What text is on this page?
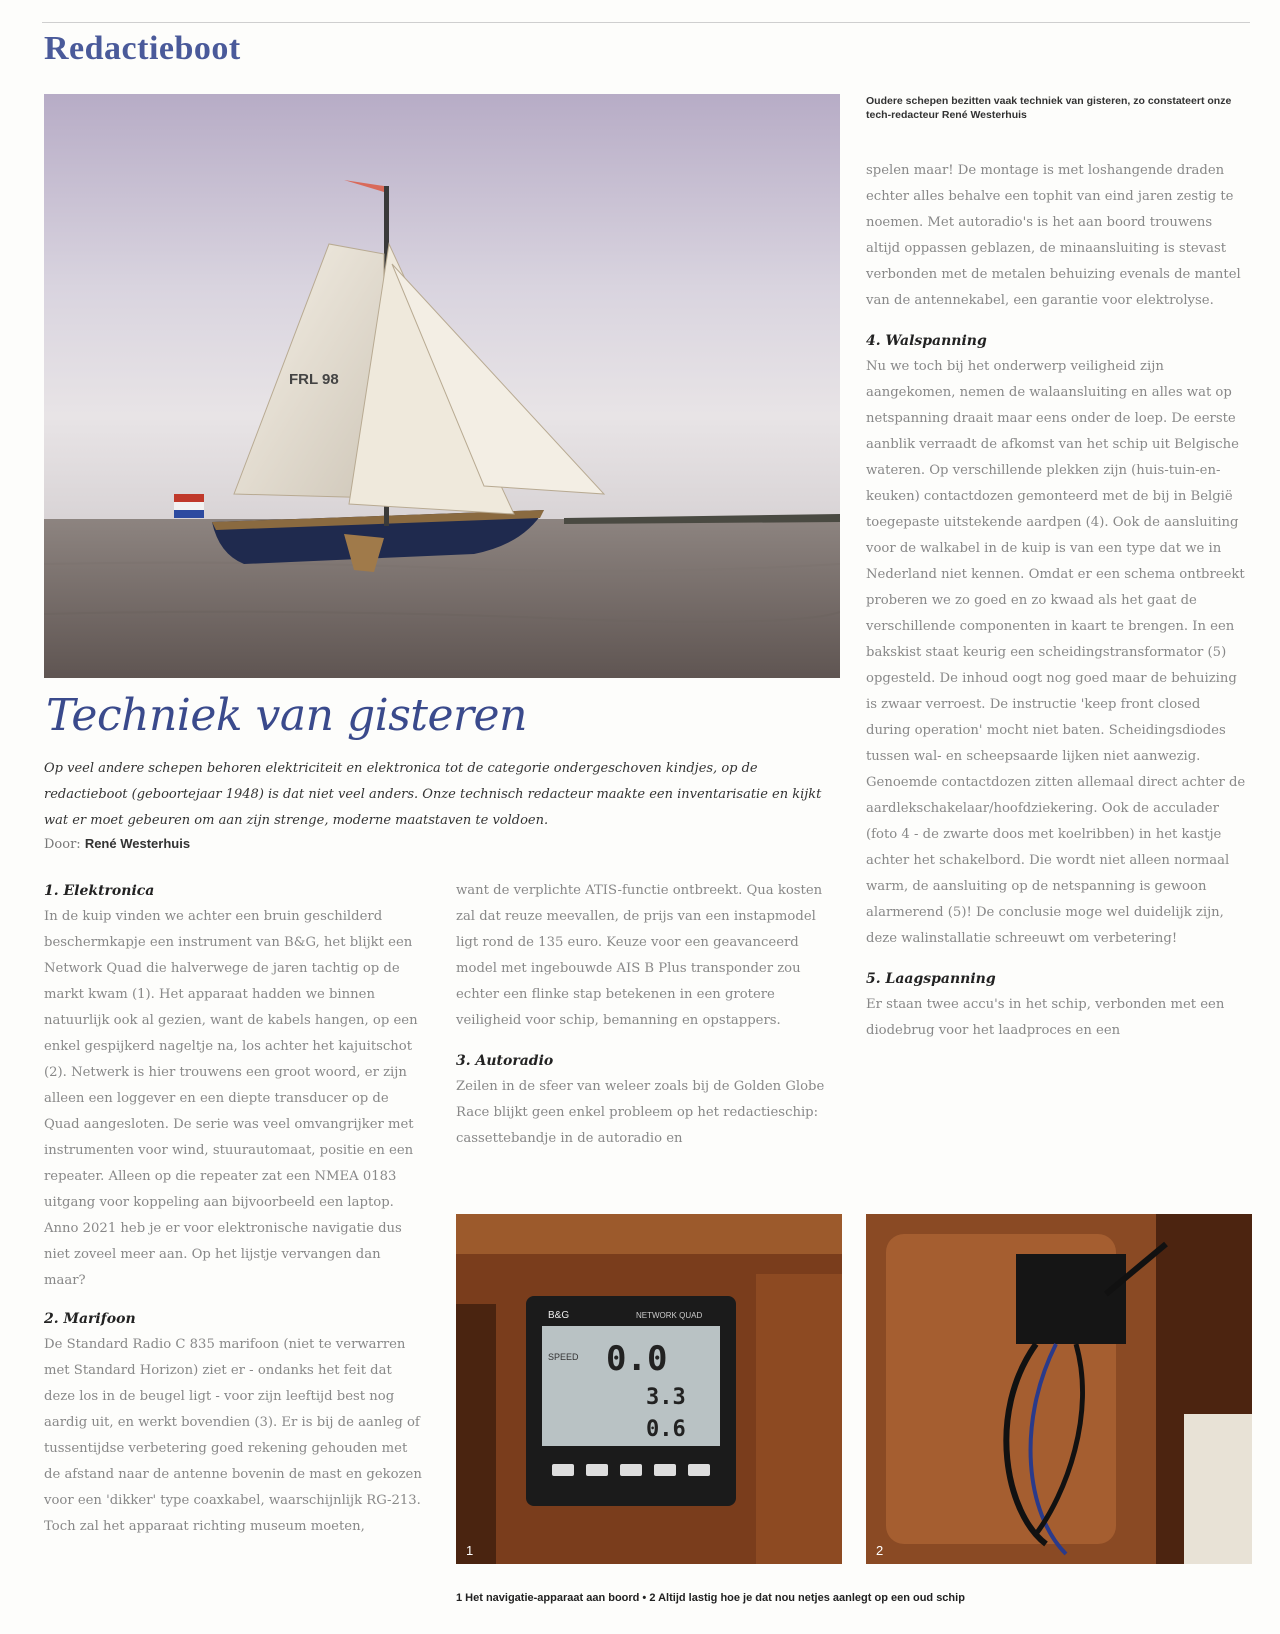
Redactieboot
FRL 98
Oudere schepen bezitten vaak techniek van gisteren, zo constateert onze tech-redacteur René Westerhuis
Techniek van gisteren
Op veel andere schepen behoren elektriciteit en elektronica tot de categorie ondergeschoven kindjes, op de redactieboot (geboortejaar 1948) is dat niet veel anders. Onze technisch redacteur maakte een inventarisatie en kijkt wat er moet gebeuren om aan zijn strenge, moderne maatstaven te voldoen.
Door: René Westerhuis
1. Elektronica

In de kuip vinden we achter een bruin geschilderd beschermkapje een instrument van B&G, het blijkt een Network Quad die halverwege de jaren tachtig op de markt kwam (1). Het apparaat hadden we binnen natuurlijk ook al gezien, want de kabels hangen, op een enkel gespijkerd nageltje na, los achter het kajuitschot (2). Netwerk is hier trouwens een groot woord, er zijn alleen een loggever en een diepte transducer op de Quad aangesloten. De serie was veel omvangrijker met instrumenten voor wind, stuurautomaat, positie en een repeater. Alleen op die repeater zat een NMEA 0183 uitgang voor koppeling aan bijvoorbeeld een laptop. Anno 2021 heb je er voor elektronische navigatie dus niet zoveel meer aan. Op het lijstje vervangen dan maar?

2. Marifoon

De Standard Radio C 835 marifoon (niet te verwarren met Standard Horizon) ziet er - ondanks het feit dat deze los in de beugel ligt - voor zijn leeftijd best nog aardig uit, en werkt bovendien (3). Er is bij de aanleg of tussentijdse verbetering goed rekening gehouden met de afstand naar de antenne bovenin de mast en gekozen voor een 'dikker' type coaxkabel, waarschijnlijk RG-213. Toch zal het apparaat richting museum moeten,

want de verplichte ATIS-functie ontbreekt. Qua kosten zal dat reuze meevallen, de prijs van een instapmodel ligt rond de 135 euro. Keuze voor een geavanceerd model met ingebouwde AIS B Plus transponder zou echter een flinke stap betekenen in een grotere veiligheid voor schip, bemanning en opstappers.

3. Autoradio

Zeilen in de sfeer van weleer zoals bij de Golden Globe Race blijkt geen enkel probleem op het redactieschip: cassettebandje in de autoradio en

spelen maar! De montage is met loshangende draden echter alles behalve een tophit van eind jaren zestig te noemen. Met autoradio's is het aan boord trouwens altijd oppassen geblazen, de minaansluiting is stevast verbonden met de metalen behuizing evenals de mantel van de antennekabel, een garantie voor elektrolyse.

4. Walspanning

Nu we toch bij het onderwerp veiligheid zijn aangekomen, nemen de walaansluiting en alles wat op netspanning draait maar eens onder de loep. De eerste aanblik verraadt de afkomst van het schip uit Belgische wateren. Op verschillende plekken zijn (huis-tuin-en-keuken) contactdozen gemonteerd met de bij in België toegepaste uitstekende aardpen (4). Ook de aansluiting voor de walkabel in de kuip is van een type dat we in Nederland niet kennen. Omdat er een schema ontbreekt proberen we zo goed en zo kwaad als het gaat de verschillende componenten in kaart te brengen. In een bakskist staat keurig een scheidingstransformator (5) opgesteld. De inhoud oogt nog goed maar de behuizing is zwaar verroest. De instructie 'keep front closed during operation' mocht niet baten. Scheidingsdiodes tussen wal- en scheepsaarde lijken niet aanwezig. Genoemde contactdozen zitten allemaal direct achter de aardlekschakelaar/hoofdziekering. Ook de acculader (foto 4 - de zwarte doos met koelribben) in het kastje achter het schakelbord. Die wordt niet alleen normaal warm, de aansluiting op de netspanning is gewoon alarmerend (5)! De conclusie moge wel duidelijk zijn, deze walinstallatie schreeuwt om verbetering!

5. Laagspanning

Er staan twee accu's in het schip, verbonden met een diodebrug voor het laadproces en een

B&G	NETWORK QUAD
SPEED 0.0
3.3
0.6
1	2
1 Het navigatie-apparaat aan boord • 2 Altijd lastig hoe je dat nou netjes aanlegt op een oud schip
